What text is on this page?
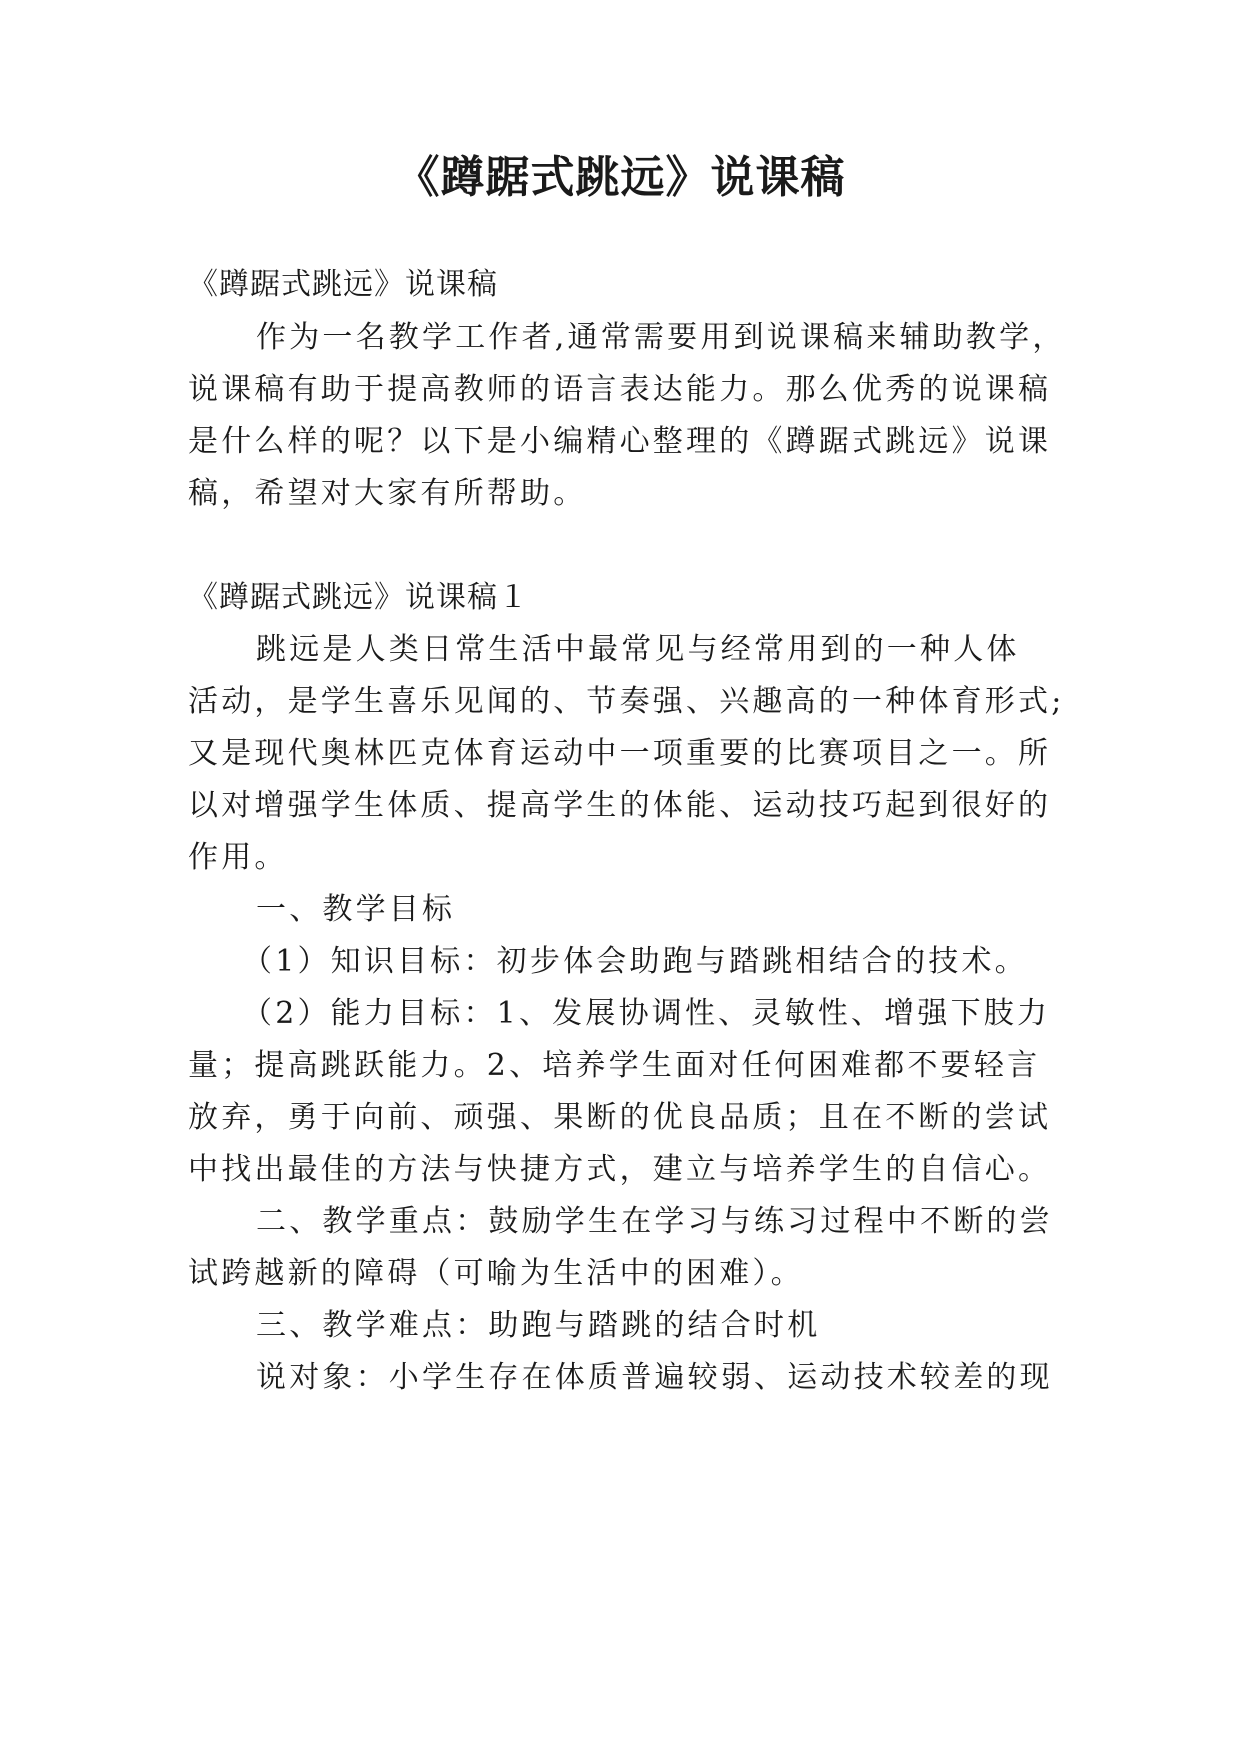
《蹲踞式跳远》说课稿

《蹲踞式跳远》说课稿

作为一名教学工作者,通常需要用到说课稿来辅助教学，

说课稿有助于提高教师的语言表达能力。那么优秀的说课稿

是什么样的呢？以下是小编精心整理的《蹲踞式跳远》说课

稿，希望对大家有所帮助。

《蹲踞式跳远》说课稿１

跳远是人类日常生活中最常见与经常用到的一种人体

活动，是学生喜乐见闻的、节奏强、兴趣高的一种体育形式;

又是现代奥林匹克体育运动中一项重要的比赛项目之一。所

以对增强学生体质、提高学生的体能、运动技巧起到很好的

作用。

一、教学目标

（1）知识目标：初步体会助跑与踏跳相结合的技术。

（2）能力目标：1、发展协调性、灵敏性、增强下肢力

量；提高跳跃能力。2、培养学生面对任何困难都不要轻言

放弃，勇于向前、顽强、果断的优良品质；且在不断的尝试

中找出最佳的方法与快捷方式，建立与培养学生的自信心。

二、教学重点：鼓励学生在学习与练习过程中不断的尝

试跨越新的障碍（可喻为生活中的困难）。

三、教学难点：助跑与踏跳的结合时机

说对象：小学生存在体质普遍较弱、运动技术较差的现
